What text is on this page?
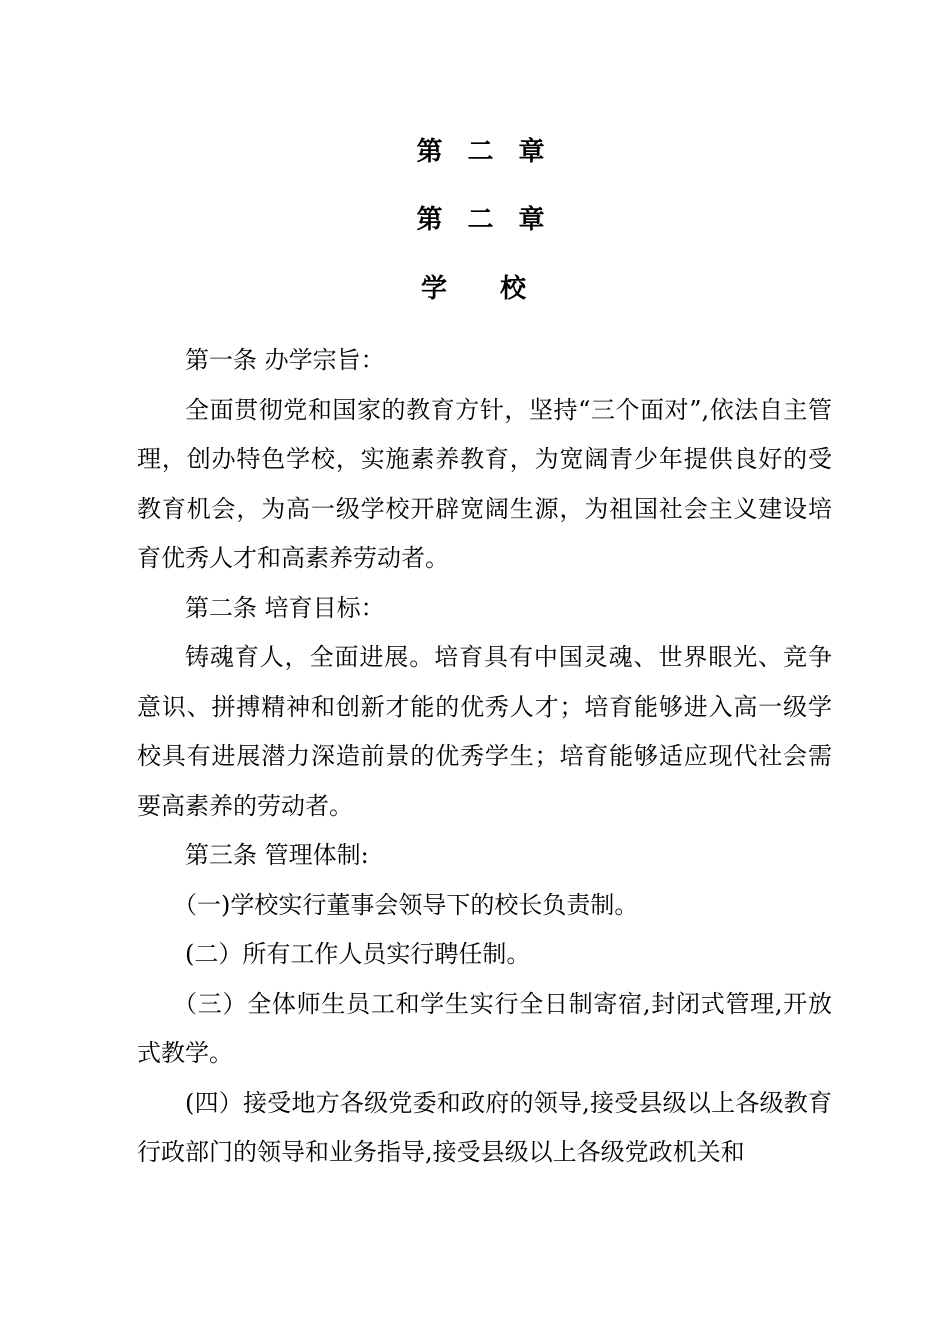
第 二 章
第 二 章
学 校

第一条 办学宗旨：

全面贯彻党和国家的教育方针，坚持“三个面对”,依法自主管理，创办特色学校，实施素养教育，为宽阔青少年提供良好的受教育机会，为高一级学校开辟宽阔生源，为祖国社会主义建设培育优秀人才和高素养劳动者。

第二条 培育目标：

铸魂育人，全面进展。培育具有中国灵魂、世界眼光、竞争意识、拼搏精神和创新才能的优秀人才；培育能够进入高一级学校具有进展潜力深造前景的优秀学生；培育能够适应现代社会需要高素养的劳动者。

第三条 管理体制:

（一)学校实行董事会领导下的校长负责制。

(二）所有工作人员实行聘任制。

（三）全体师生员工和学生实行全日制寄宿,封闭式管理,开放式教学。

(四）接受地方各级党委和政府的领导,接受县级以上各级教育行政部门的领导和业务指导,接受县级以上各级党政机关和
